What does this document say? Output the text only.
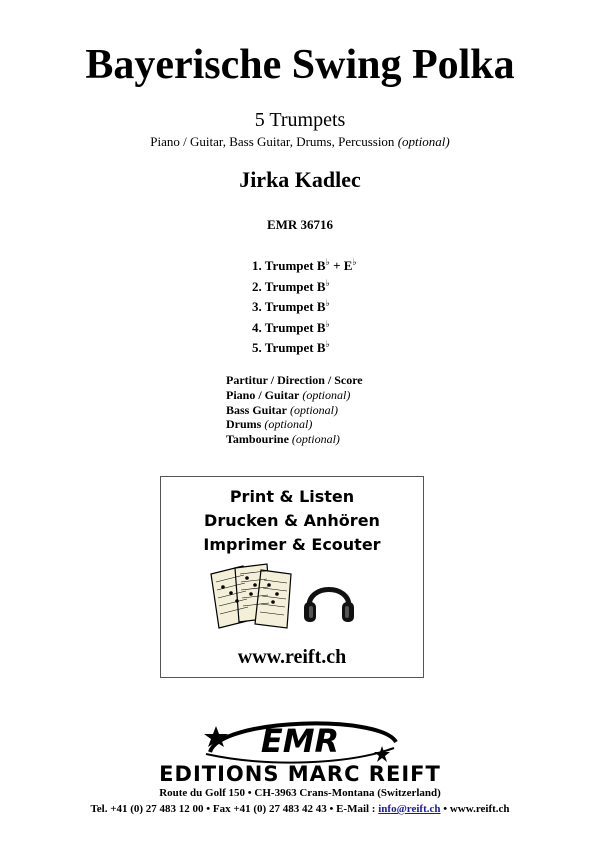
Bayerische Swing Polka
5 Trumpets
Piano / Guitar, Bass Guitar, Drums, Percussion (optional)
Jirka Kadlec
EMR 36716
1. Trumpet B♭ + E♭
2. Trumpet B♭
3. Trumpet B♭
4. Trumpet B♭
5. Trumpet B♭
Partitur / Direction / Score
Piano / Guitar (optional)
Bass Guitar (optional)
Drums (optional)
Tambourine (optional)
Print & Listen
Drucken & Anhören
Imprimer & Ecouter
www.reift.ch
EMR
EDITIONS MARC REIFT
Route du Golf 150 • CH-3963 Crans-Montana (Switzerland)
Tel. +41 (0) 27 483 12 00 • Fax +41 (0) 27 483 42 43 • E-Mail : info@reift.ch • www.reift.ch
